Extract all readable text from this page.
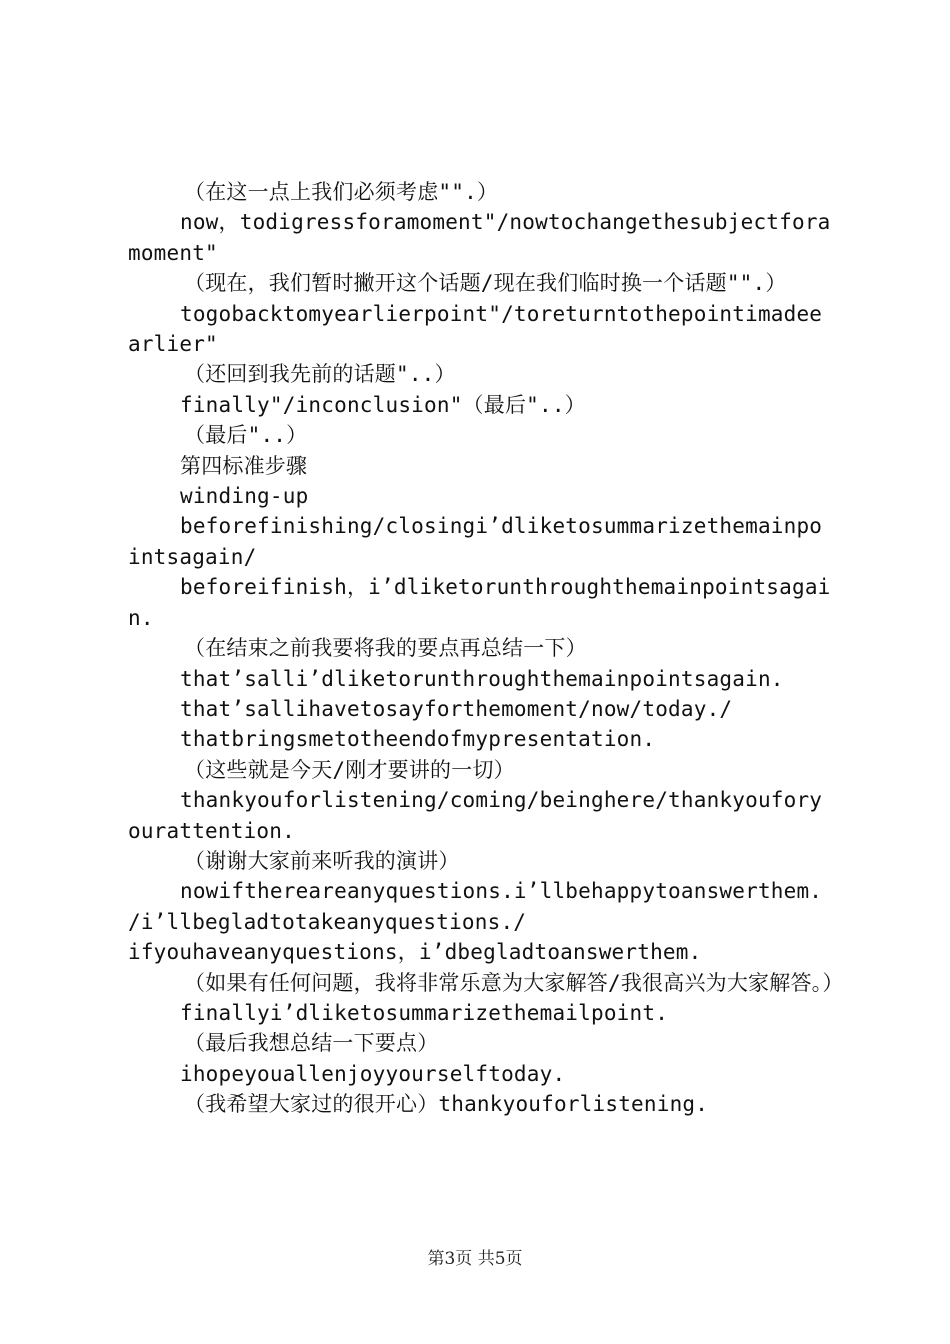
（在这一点上我们必须考虑"".）

now，todigressforamoment"/nowtochangethesubjectforamoment"

（现在，我们暂时撇开这个话题/现在我们临时换一个话题"".）

togobacktomyearlierpoint"/toreturntothepointimadeearlier"

（还回到我先前的话题"..）

finally"/inconclusion"（最后"..）

（最后"..）

第四标准步骤

winding-up

beforefinishing/closingi’dliketosummarizethemainpointsagain/

beforeifinish，i’dliketorunthroughthemainpointsagain.

（在结束之前我要将我的要点再总结一下）

that’salli’dliketorunthroughthemainpointsagain.

that’sallihavetosayforthemoment/now/today./

thatbringsmetotheendofmypresentation.

（这些就是今天/刚才要讲的一切）

thankyouforlistening/coming/beinghere/thankyouforyourattention.

（谢谢大家前来听我的演讲）

nowifthereareanyquestions.i’llbehappytoanswerthem.

/i’llbegladtotakeanyquestions./

ifyouhaveanyquestions，i’dbegladtoanswerthem.

（如果有任何问题，我将非常乐意为大家解答/我很高兴为大家解答。）

finallyi’dliketosummarizethemailpoint.

（最后我想总结一下要点）

ihopeyouallenjoyyourselftoday.

（我希望大家过的很开心）thankyouforlistening.

第3页 共5页
